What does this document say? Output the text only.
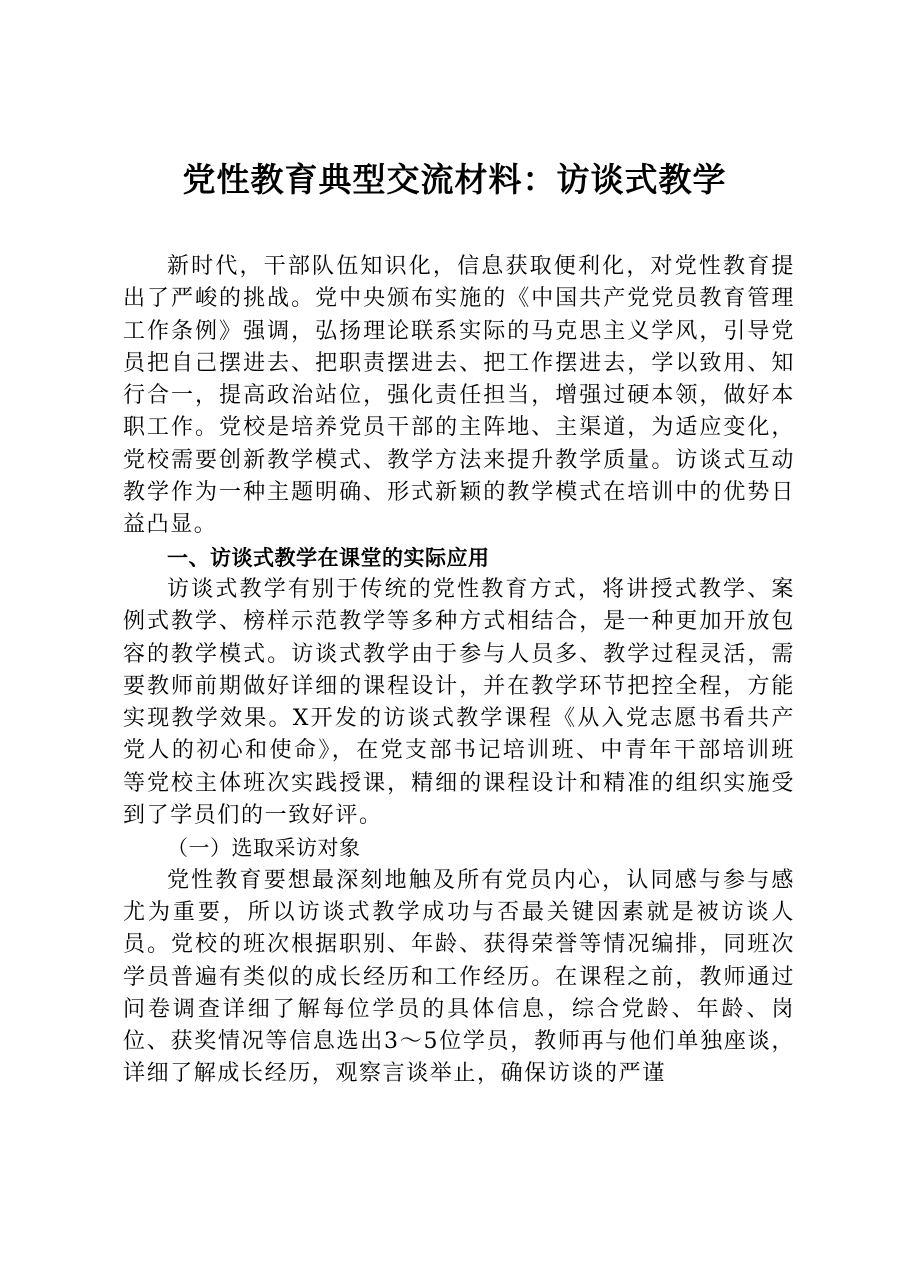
党性教育典型交流材料：访谈式教学

新时代，干部队伍知识化，信息获取便利化，对党性教育提出了严峻的挑战。党中央颁布实施的《中国共产党党员教育管理工作条例》强调，弘扬理论联系实际的马克思主义学风，引导党员把自己摆进去、把职责摆进去、把工作摆进去，学以致用、知行合一，提高政治站位，强化责任担当，增强过硬本领，做好本职工作。党校是培养党员干部的主阵地、主渠道，为适应变化，党校需要创新教学模式、教学方法来提升教学质量。访谈式互动教学作为一种主题明确、形式新颖的教学模式在培训中的优势日益凸显。

一、访谈式教学在课堂的实际应用

访谈式教学有别于传统的党性教育方式，将讲授式教学、案例式教学、榜样示范教学等多种方式相结合，是一种更加开放包容的教学模式。访谈式教学由于参与人员多、教学过程灵活，需要教师前期做好详细的课程设计，并在教学环节把控全程，方能实现教学效果。X开发的访谈式教学课程《从入党志愿书看共产党人的初心和使命》，在党支部书记培训班、中青年干部培训班等党校主体班次实践授课，精细的课程设计和精准的组织实施受到了学员们的一致好评。

（一）选取采访对象

党性教育要想最深刻地触及所有党员内心，认同感与参与感尤为重要，所以访谈式教学成功与否最关键因素就是被访谈人员。党校的班次根据职别、年龄、获得荣誉等情况编排，同班次学员普遍有类似的成长经历和工作经历。在课程之前，教师通过问卷调查详细了解每位学员的具体信息，综合党龄、年龄、岗位、获奖情况等信息选出3～5位学员，教师再与他们单独座谈，详细了解成长经历，观察言谈举止，确保访谈的严谨
